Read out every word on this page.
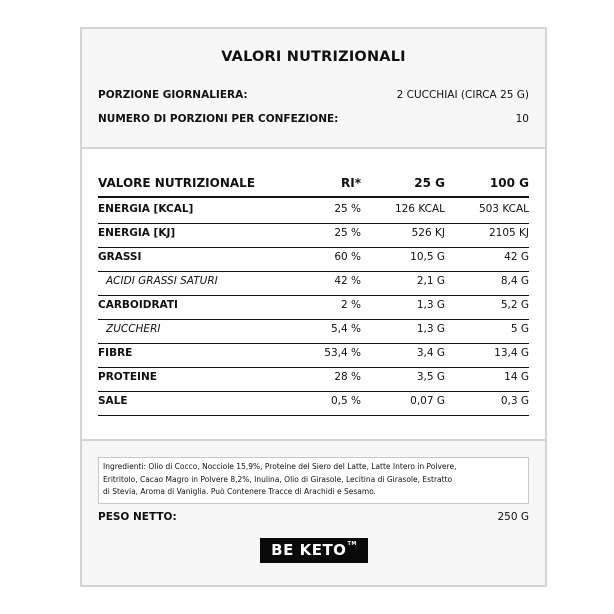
VALORI NUTRIZIONALI
PORZIONE GIORNALIERA:	2 CUCCHIAI (CIRCA 25 G)
NUMERO DI PORZIONI PER CONFEZIONE:	10
VALORE NUTRIZIONALE	RI*	25 G	100 G
ENERGIA [KCAL]	25 %	126 KCAL	503 KCAL
ENERGIA [KJ]	25 %	526 KJ	2105 KJ
GRASSI	60 %	10,5 G	42 G
ACIDI GRASSI SATURI	42 %	2,1 G	8,4 G
CARBOIDRATI	2 %	1,3 G	5,2 G
ZUCCHERI	5,4 %	1,3 G	5 G
FIBRE	53,4 %	3,4 G	13,4 G
PROTEINE	28 %	3,5 G	14 G
SALE	0,5 %	0,07 G	0,3 G
Ingredienti: Olio di Cocco, Nocciole 15,9%, Proteine del Siero del Latte, Latte Intero in Polvere,
Eritritolo, Cacao Magro in Polvere 8,2%, Inulina, Olio di Girasole, Lecitina di Girasole, Estratto
di Stevia, Aroma di Vaniglia. Può Contenere Tracce di Arachidi e Sesamo.
PESO NETTO:	250 G
BE KETO™
